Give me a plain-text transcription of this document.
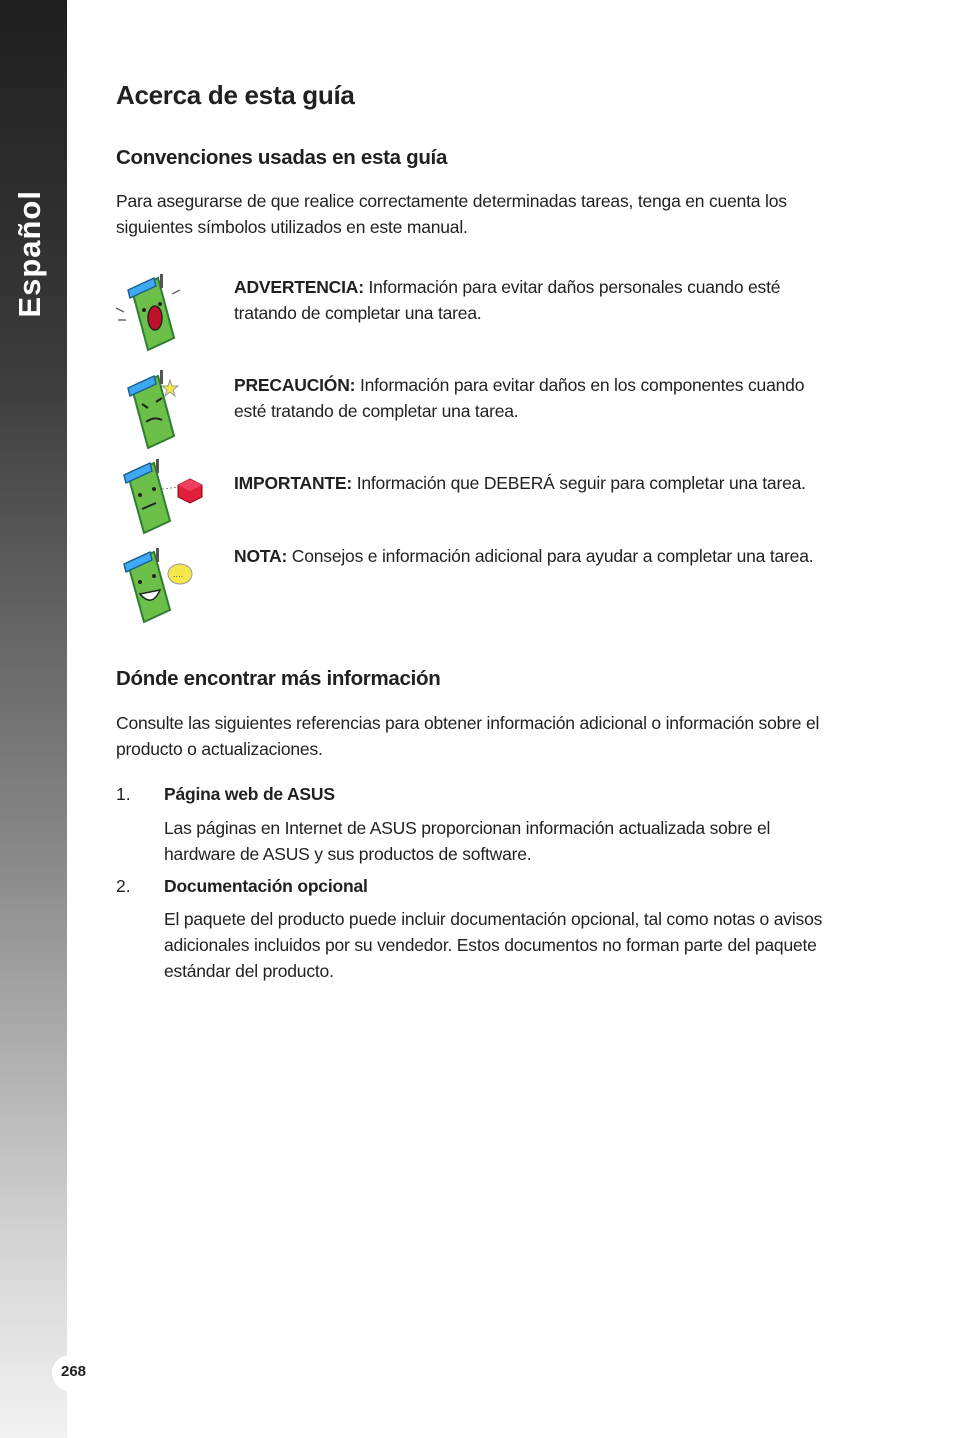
Español
268
Acerca de esta guía
Convenciones usadas en esta guía

Para asegurarse de que realice correctamente determinadas tareas, tenga en cuenta los siguientes símbolos utilizados en este manual.

ADVERTENCIA: Información para evitar daños personales cuando esté tratando de completar una tarea.

PRECAUCIÓN: Información para evitar daños en los componentes cuando esté tratando de completar una tarea.

IMPORTANTE: Información que DEBERÁ seguir para completar una tarea.

....

NOTA: Consejos e información adicional para ayudar a completar una tarea.

Dónde encontrar más información

Consulte las siguientes referencias para obtener información adicional o información sobre el producto o actualizaciones.

1. Página web de ASUS

Las páginas en Internet de ASUS proporcionan información actualizada sobre el hardware de ASUS y sus productos de software.

2. Documentación opcional

El paquete del producto puede incluir documentación opcional, tal como notas o avisos adicionales incluidos por su vendedor. Estos documentos no forman parte del paquete estándar del producto.
